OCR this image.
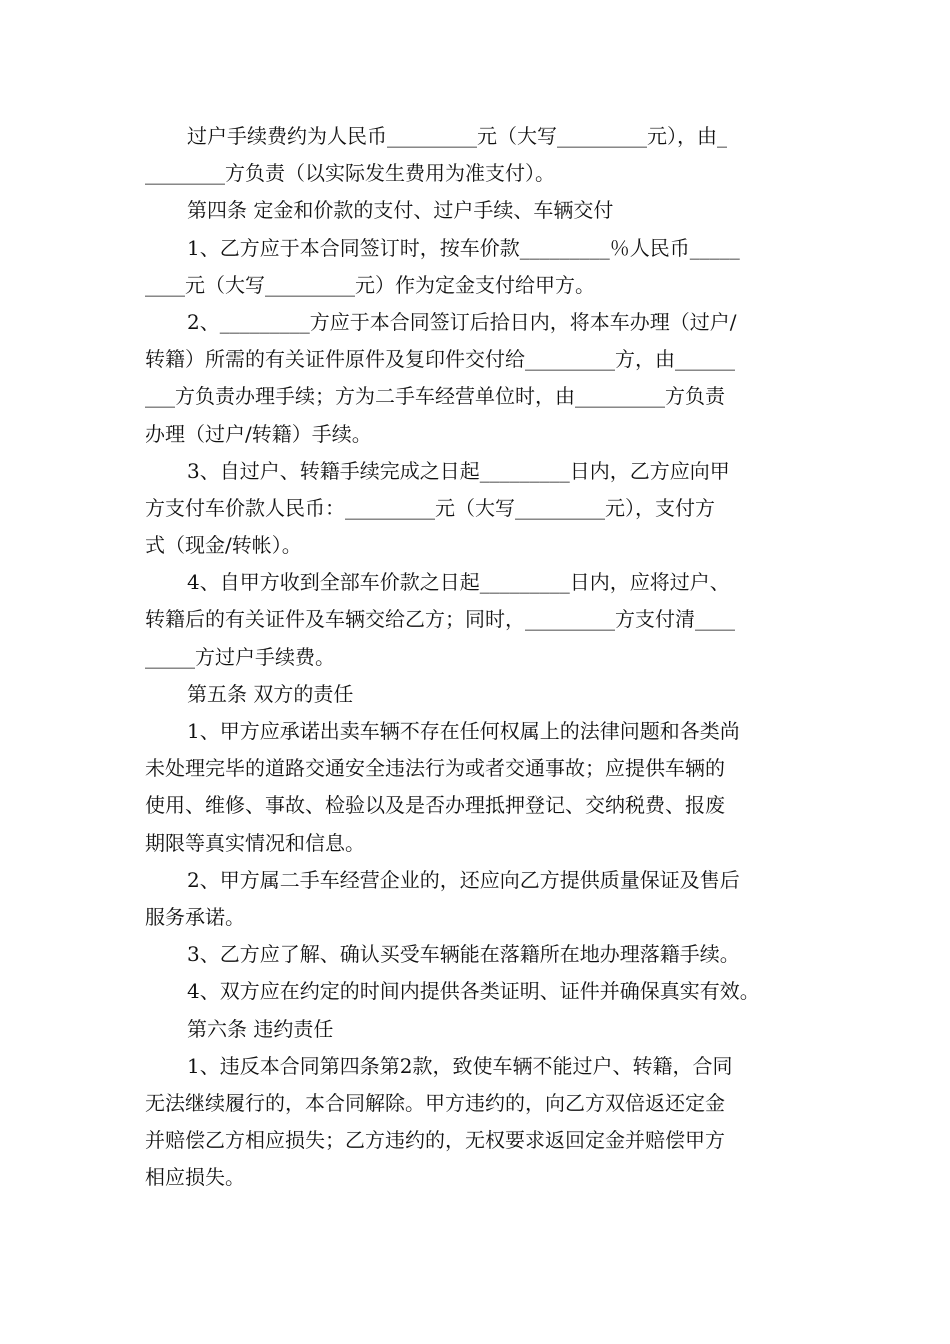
过户手续费约为人民币_________元（大写_________元），由_
________方负责（以实际发生费用为准支付）。
第四条 定金和价款的支付、过户手续、车辆交付
1、乙方应于本合同签订时，按车价款_________％人民币_____
____元（大写_________元）作为定金支付给甲方。
2、_________方应于本合同签订后拾日内，将本车办理（过户/
转籍）所需的有关证件原件及复印件交付给_________方，由______
___方负责办理手续；方为二手车经营单位时，由_________方负责
办理（过户/转籍）手续。
3、自过户、转籍手续完成之日起_________日内，乙方应向甲
方支付车价款人民币：_________元（大写_________元），支付方
式（现金/转帐）。
4、自甲方收到全部车价款之日起_________日内，应将过户、
转籍后的有关证件及车辆交给乙方；同时，_________方支付清____
_____方过户手续费。
第五条 双方的责任
1、甲方应承诺出卖车辆不存在任何权属上的法律问题和各类尚
未处理完毕的道路交通安全违法行为或者交通事故；应提供车辆的
使用、维修、事故、检验以及是否办理抵押登记、交纳税费、报废
期限等真实情况和信息。
2、甲方属二手车经营企业的，还应向乙方提供质量保证及售后
服务承诺。
3、乙方应了解、确认买受车辆能在落籍所在地办理落籍手续。
4、双方应在约定的时间内提供各类证明、证件并确保真实有效。
第六条 违约责任
1、违反本合同第四条第2款，致使车辆不能过户、转籍，合同
无法继续履行的，本合同解除。甲方违约的，向乙方双倍返还定金
并赔偿乙方相应损失；乙方违约的，无权要求返回定金并赔偿甲方
相应损失。
